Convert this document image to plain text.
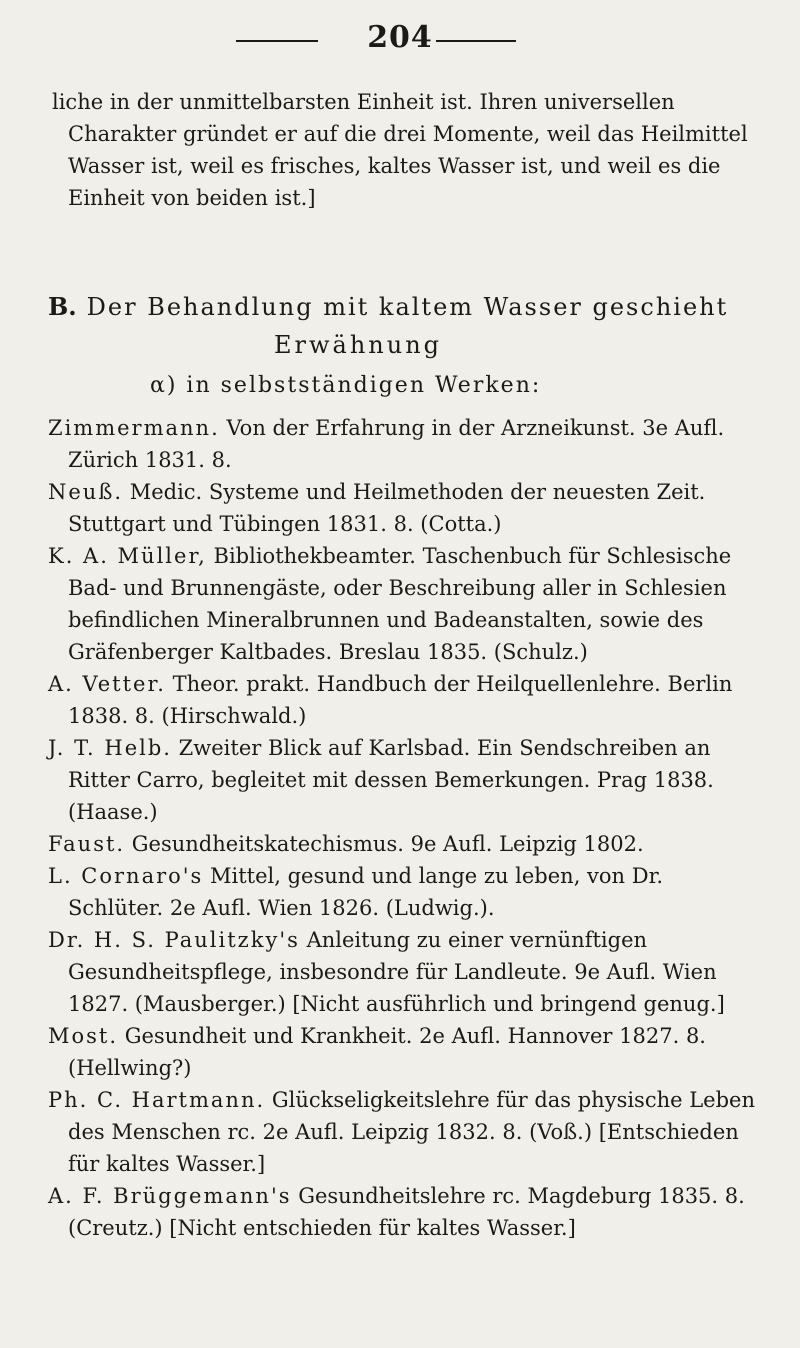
204

liche in der unmittelbarsten Einheit ist. Ihren universellen

Charakter gründet er auf die drei Momente, weil das Heilmittel

Wasser ist, weil es frisches, kaltes Wasser ist, und weil es die

Einheit von beiden ist.]

B. Der Behandlung mit kaltem Wasser geschieht
Erwähnung
α) in selbstständigen Werken:

Zimmermann. Von der Erfahrung in der Arzneikunst. 3e Aufl. Zürich 1831. 8.

Neuß. Medic. Systeme und Heilmethoden der neuesten Zeit. Stuttgart und Tübingen 1831. 8. (Cotta.)

K. A. Müller, Bibliothekbeamter. Taschenbuch für Schlesische Bad- und Brunnengäste, oder Beschreibung aller in Schlesien befindlichen Mineralbrunnen und Badeanstalten, sowie des Gräfenberger Kaltbades. Breslau 1835. (Schulz.)

A. Vetter. Theor. prakt. Handbuch der Heilquellenlehre. Berlin 1838. 8. (Hirschwald.)

J. T. Helb. Zweiter Blick auf Karlsbad. Ein Sendschreiben an Ritter Carro, begleitet mit dessen Bemerkungen. Prag 1838. (Haase.)

Faust. Gesundheitskatechismus. 9e Aufl. Leipzig 1802.

L. Cornaro's Mittel, gesund und lange zu leben, von Dr. Schlüter. 2e Aufl. Wien 1826. (Ludwig.).

Dr. H. S. Paulitzky's Anleitung zu einer vernünftigen Gesundheitspflege, insbesondre für Landleute. 9e Aufl. Wien 1827. (Mausberger.) [Nicht ausführlich und bringend genug.]

Most. Gesundheit und Krankheit. 2e Aufl. Hannover 1827. 8. (Hellwing?)

Ph. C. Hartmann. Glückseligkeitslehre für das physische Leben des Menschen rc. 2e Aufl. Leipzig 1832. 8. (Voß.) [Entschieden für kaltes Wasser.]

A. F. Brüggemann's Gesundheitslehre rc. Magdeburg 1835. 8. (Creutz.) [Nicht entschieden für kaltes Wasser.]
